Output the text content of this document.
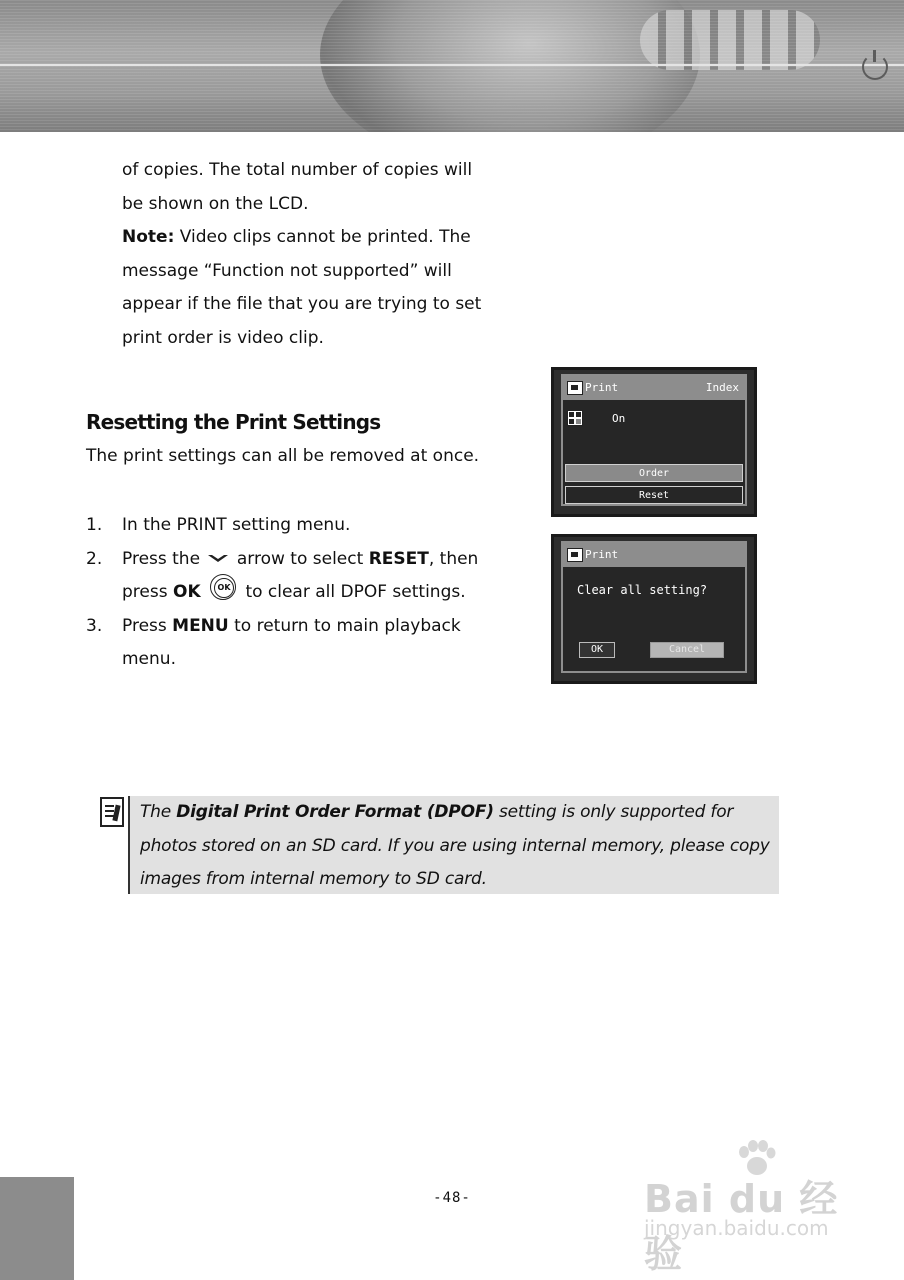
of copies. The total number of copies will

be shown on the LCD.

Note: Video clips cannot be printed. The

message “Function not supported” will

appear if the file that you are trying to set

print order is video clip.

Resetting the Print Settings

The print settings can all be removed at once.

1. In the PRINT setting menu.
2. Press the arrow to select RESET, then
press OK	OK to clear all DPOF settings.
3. Press MENU to return to main playback
menu.
Print	Index
On
Order
Reset
Print
Clear all setting?
OK	Cancel

The Digital Print Order Format (DPOF) setting is only supported for photos stored on an SD card. If you are using internal memory, please copy images from internal memory to SD card.

-48-	Bai du 经验
jingyan.baidu.com
